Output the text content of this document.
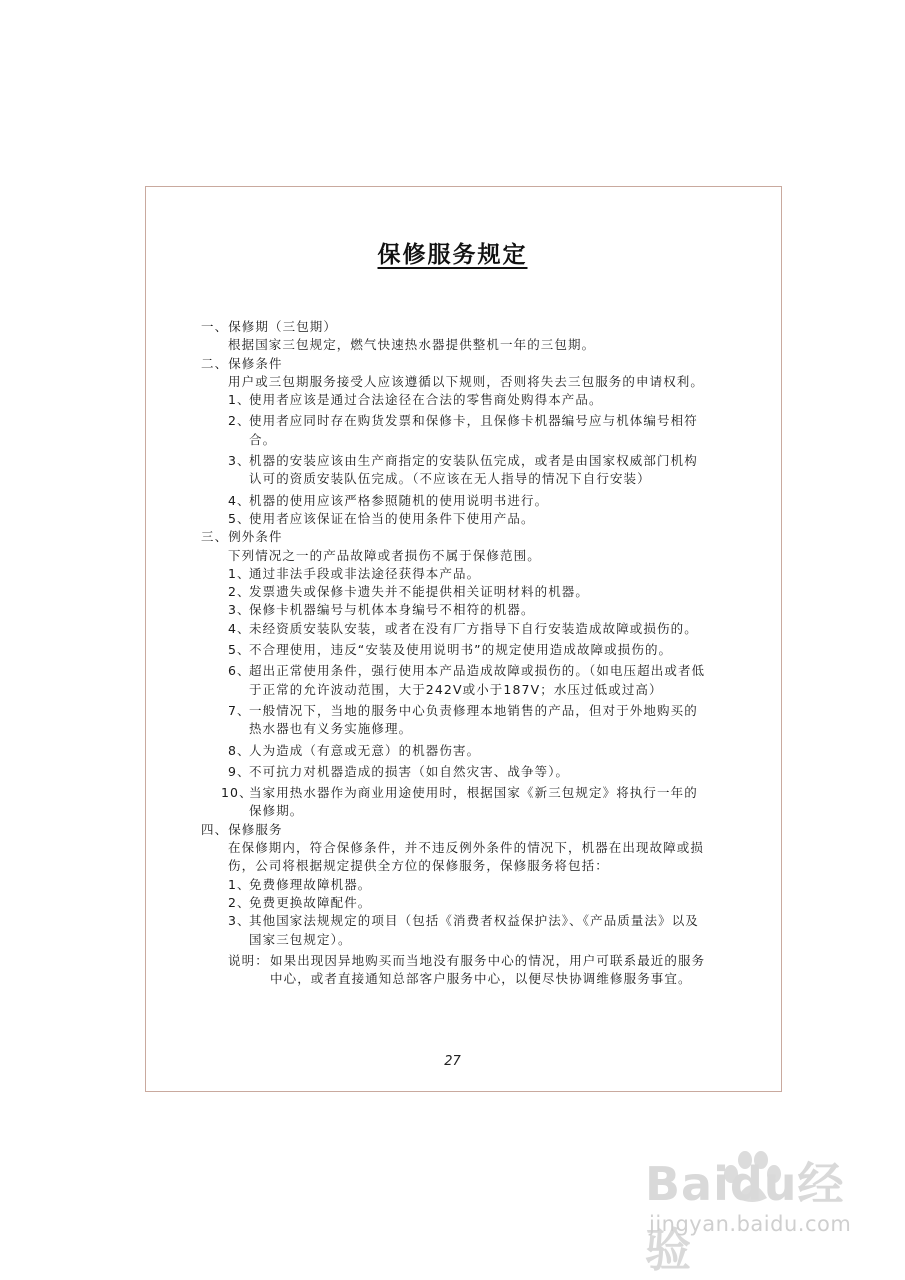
保修服务规定
一、保修期（三包期）
根据国家三包规定，燃气快速热水器提供整机一年的三包期。
二、保修条件
用户或三包期服务接受人应该遵循以下规则，否则将失去三包服务的申请权利。
1、
使用者应该是通过合法途径在合法的零售商处购得本产品。
2、
使用者应同时存在购货发票和保修卡，且保修卡机器编号应与机体编号相符合。
3、
机器的安装应该由生产商指定的安装队伍完成，或者是由国家权威部门机构认可的资质安装队伍完成。（不应该在无人指导的情况下自行安装）
4、
机器的使用应该严格参照随机的使用说明书进行。
5、
使用者应该保证在恰当的使用条件下使用产品。
三、例外条件
下列情况之一的产品故障或者损伤不属于保修范围。
1、
通过非法手段或非法途径获得本产品。
2、
发票遗失或保修卡遗失并不能提供相关证明材料的机器。
3、
保修卡机器编号与机体本身编号不相符的机器。
4、
未经资质安装队安装，或者在没有厂方指导下自行安装造成故障或损伤的。
5、
不合理使用，违反“安装及使用说明书”的规定使用造成故障或损伤的。
6、
超出正常使用条件，强行使用本产品造成故障或损伤的。（如电压超出或者低于正常的允许波动范围，大于242V或小于187V；水压过低或过高）
7、
一般情况下，当地的服务中心负责修理本地销售的产品，但对于外地购买的热水器也有义务实施修理。
8、
人为造成（有意或无意）的机器伤害。
9、
不可抗力对机器造成的损害（如自然灾害、战争等）。
10、
当家用热水器作为商业用途使用时，根据国家《新三包规定》将执行一年的保修期。
四、保修服务
在保修期内，符合保修条件，并不违反例外条件的情况下，机器在出现故障或损伤，公司将根据规定提供全方位的保修服务，保修服务将包括：
1、
免费修理故障机器。
2、
免费更换故障配件。
3、
其他国家法规规定的项目（包括《消费者权益保护法》、《产品质量法》以及国家三包规定）。
说明： 如果出现因异地购买而当地没有服务中心的情况，用户可联系最近的服务中心，或者直接通知总部客户服务中心，以便尽快协调维修服务事宜。
27
Baidu经验
jingyan.baidu.com
